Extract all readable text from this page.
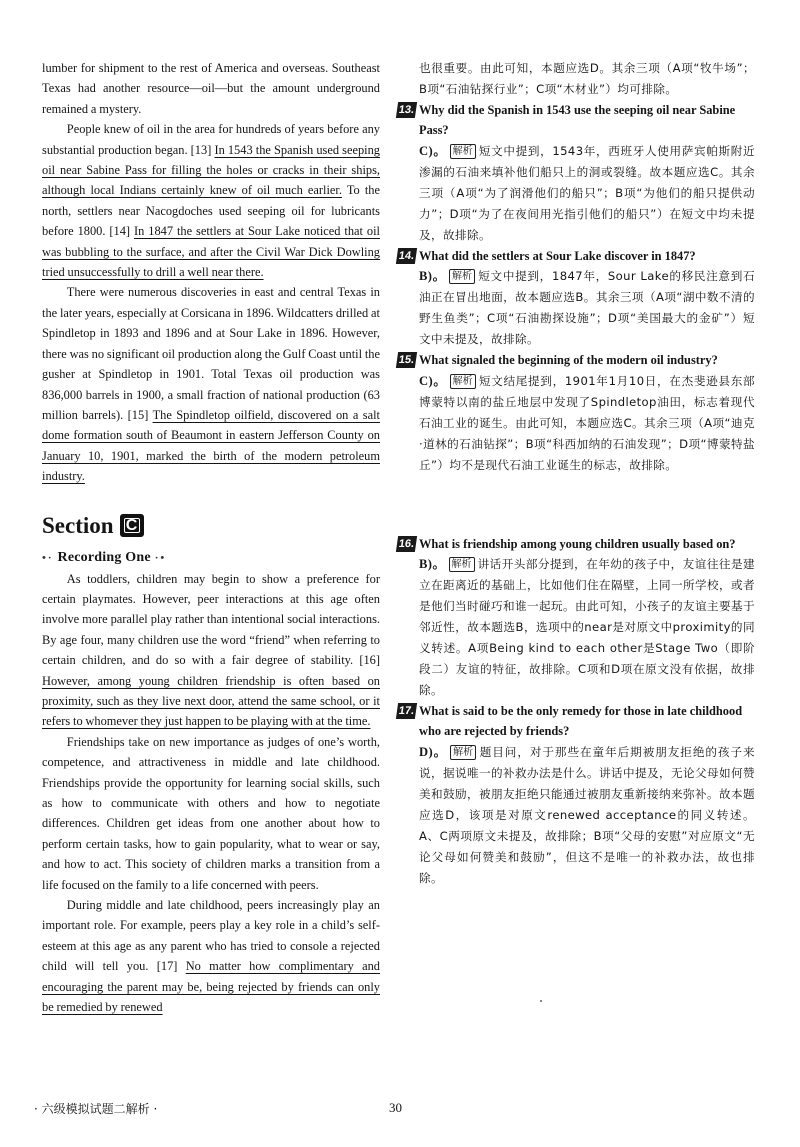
lumber for shipment to the rest of America and overseas. Southeast Texas had another resource—oil—but the amount underground remained a mystery.

People knew of oil in the area for hundreds of years before any substantial production began. [13] In 1543 the Spanish used seeping oil near Sabine Pass for filling the holes or cracks in their ships, although local Indians certainly knew of oil much earlier. To the north, settlers near Nacogdoches used seeping oil for lubricants before 1800. [14] In 1847 the settlers at Sour Lake noticed that oil was bubbling to the surface, and after the Civil War Dick Dowling tried unsuccessfully to drill a well near there.

There were numerous discoveries in east and central Texas in the later years, especially at Corsicana in 1896. Wildcatters drilled at Spindletop in 1893 and 1896 and at Sour Lake in 1896. However, there was no significant oil production along the Gulf Coast until the gusher at Spindletop in 1901. Total Texas oil production was 836,000 barrels in 1900, a small fraction of national production (63 million barrels). [15] The Spindletop oilfield, discovered on a salt dome formation south of Beaumont in eastern Jefferson County on January 10, 1901, marked the birth of the modern petroleum industry.

Section C
•· Recording One ·•

As toddlers, children may begin to show a preference for certain playmates. However, peer interactions at this age often involve more parallel play rather than intentional social interactions. By age four, many children use the word “friend” when referring to certain children, and do so with a fair degree of stability. [16] However, among young children friendship is often based on proximity, such as they live next door, attend the same school, or it refers to whomever they just happen to be playing with at the time.

Friendships take on new importance as judges of one’s worth, competence, and attractiveness in middle and late childhood. Friendships provide the opportunity for learning social skills, such as how to communicate with others and how to negotiate differences. Children get ideas from one another about how to perform certain tasks, how to gain popularity, what to wear or say, and how to act. This society of children marks a transition from a life focused on the family to a life concerned with peers.

During middle and late childhood, peers increasingly play an important role. For example, peers play a key role in a child’s self-esteem at this age as any parent who has tried to console a rejected child will tell you. [17] No matter how complimentary and encouraging the parent may be, being rejected by friends can only be remedied by renewed

也很重要。由此可知，本题应选D。其余三项（A项“牧牛场”；B项“石油钻探行业”；C项“木材业”）均可排除。

13. Why did the Spanish in 1543 use the seeping oil near Sabine Pass?

C)。 解析 短文中提到，1543年，西班牙人使用萨宾帕斯附近渗漏的石油来填补他们船只上的洞或裂缝。故本题应选C。其余三项（A项“为了润滑他们的船只”；B项“为他们的船只提供动力”；D项“为了在夜间用光指引他们的船只”）在短文中均未提及，故排除。

14. What did the settlers at Sour Lake discover in 1847?

B)。 解析 短文中提到，1847年，Sour Lake的移民注意到石油正在冒出地面，故本题应选B。其余三项（A项“湖中数不清的野生鱼类”；C项“石油勘探设施”；D项“美国最大的金矿”）短文中未提及，故排除。

15. What signaled the beginning of the modern oil industry?

C)。 解析 短文结尾提到，1901年1月10日，在杰斐逊县东部博蒙特以南的盐丘地层中发现了Spindletop油田，标志着现代石油工业的诞生。由此可知，本题应选C。其余三项（A项“迪克·道林的石油钻探”；B项“科西加纳的石油发现”；D项“博蒙特盐丘”）均不是现代石油工业诞生的标志，故排除。

16. What is friendship among young children usually based on?

B)。 解析 讲话开头部分提到，在年幼的孩子中，友谊往往是建立在距离近的基础上，比如他们住在隔壁，上同一所学校，或者是他们当时碰巧和谁一起玩。由此可知，小孩子的友谊主要基于邻近性，故本题选B，选项中的near是对原文中proximity的同义转述。A项Being kind to each other是Stage Two（即阶段二）友谊的特征，故排除。C项和D项在原文没有依据，故排除。

17. What is said to be the only remedy for those in late childhood who are rejected by friends?

D)。 解析 题目问，对于那些在童年后期被朋友拒绝的孩子来说，据说唯一的补救办法是什么。讲话中提及，无论父母如何赞美和鼓励，被朋友拒绝只能通过被朋友重新接纳来弥补。故本题应选D，该项是对原文renewed acceptance的同义转述。A、C两项原文未提及，故排除；B项“父母的安慰”对应原文“无论父母如何赞美和鼓励”，但这不是唯一的补救办法，故也排除。

· 六级模拟试题二解析 ·	30
